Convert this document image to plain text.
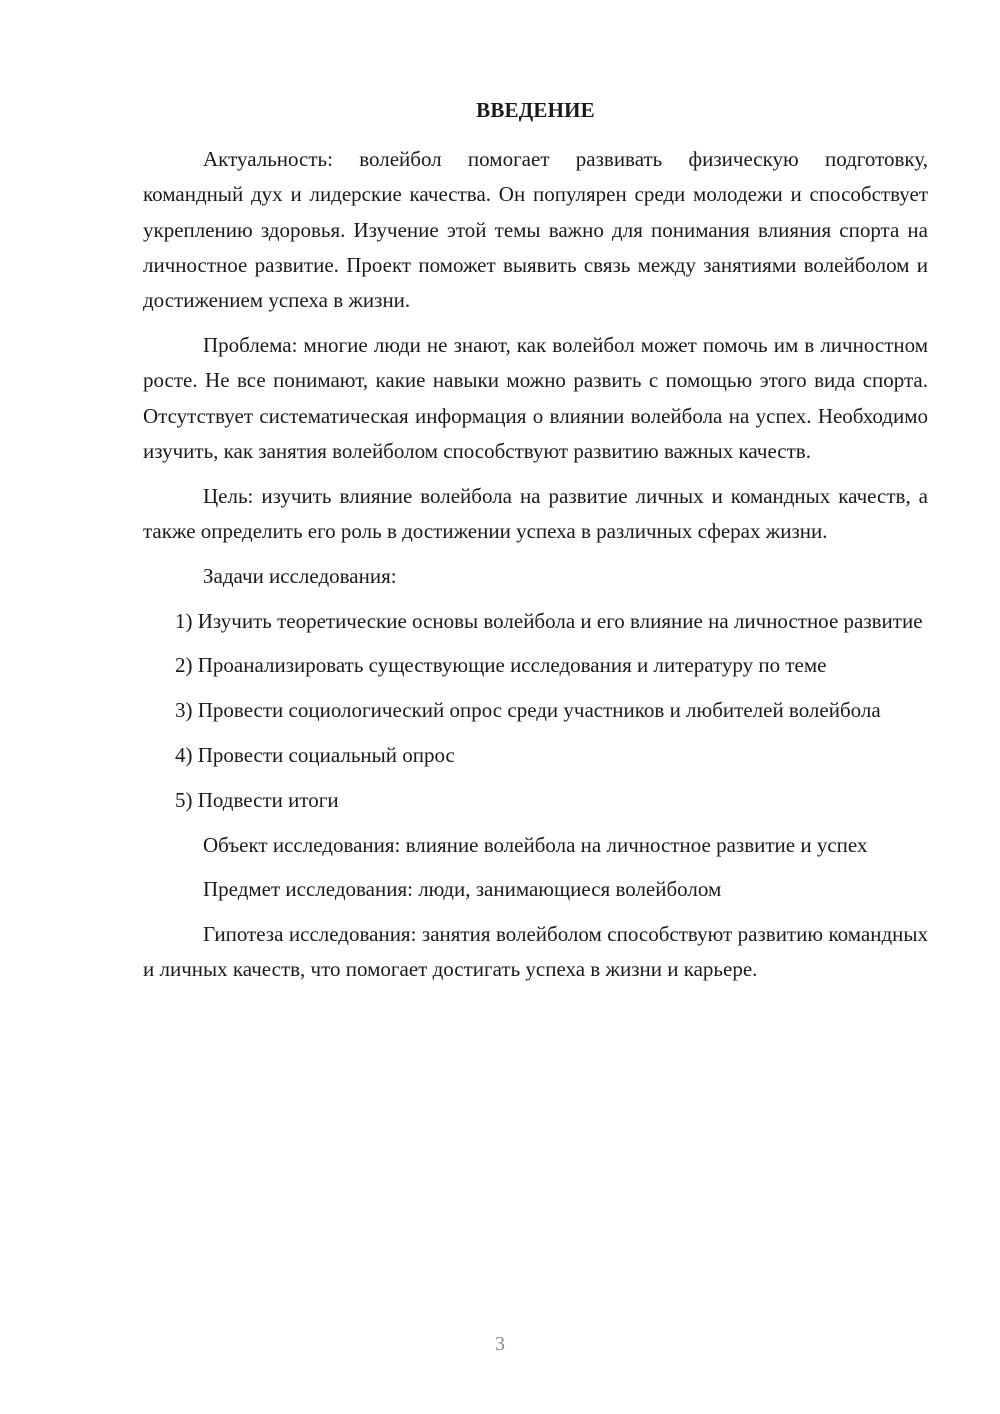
ВВЕДЕНИЕ

Актуальность: волейбол помогает развивать физическую подготовку, командный дух и лидерские качества. Он популярен среди молодежи и способствует укреплению здоровья. Изучение этой темы важно для понимания влияния спорта на личностное развитие. Проект поможет выявить связь между занятиями волейболом и достижением успеха в жизни.

Проблема: многие люди не знают, как волейбол может помочь им в личностном росте. Не все понимают, какие навыки можно развить с помощью этого вида спорта. Отсутствует систематическая информация о влиянии волейбола на успех. Необходимо изучить, как занятия волейболом способствуют развитию важных качеств.

Цель: изучить влияние волейбола на развитие личных и командных качеств, а также определить его роль в достижении успеха в различных сферах жизни.

Задачи исследования:

1) Изучить теоретические основы волейбола и его влияние на личностное развитие

2) Проанализировать существующие исследования и литературу по теме

3) Провести социологический опрос среди участников и любителей волейбола

4) Провести социальный опрос

5) Подвести итоги

Объект исследования: влияние волейбола на личностное развитие и успех

Предмет исследования: люди, занимающиеся волейболом

Гипотеза исследования: занятия волейболом способствуют развитию командных и личных качеств, что помогает достигать успеха в жизни и карьере.

3
